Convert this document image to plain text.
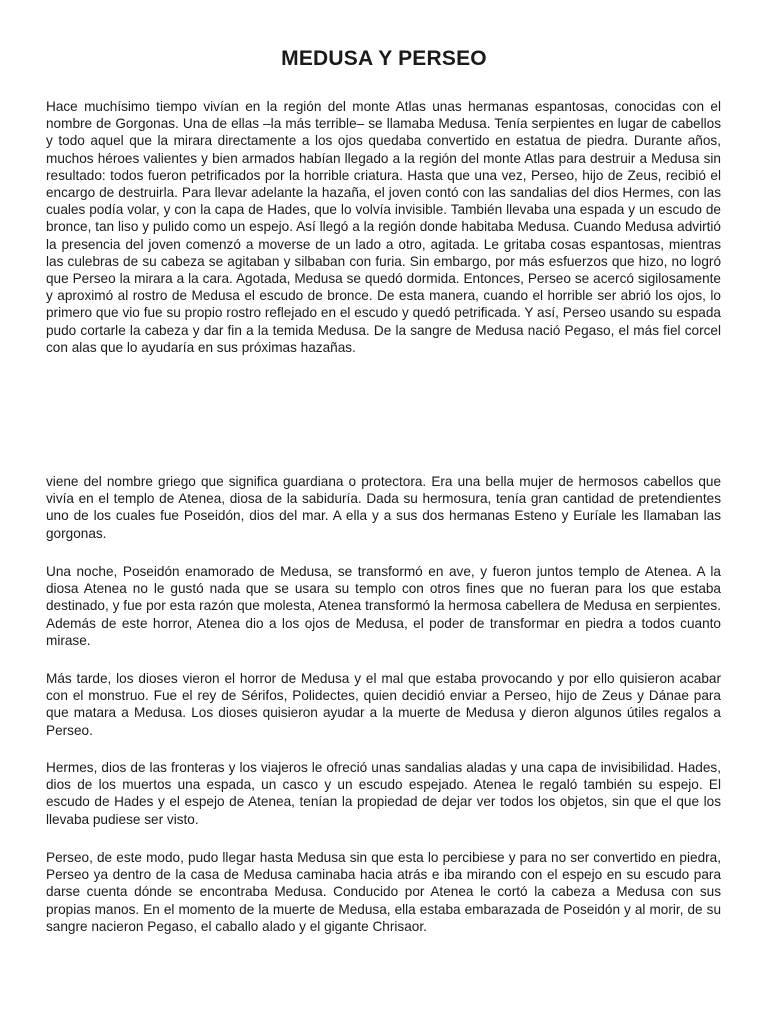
MEDUSA Y PERSEO

Hace muchísimo tiempo vivían en la región del monte Atlas unas hermanas espantosas, conocidas con el nombre de Gorgonas. Una de ellas –la más terrible– se llamaba Medusa. Tenía serpientes en lugar de cabellos y todo aquel que la mirara directamente a los ojos quedaba convertido en estatua de piedra. Durante años, muchos héroes valientes y bien armados habían llegado a la región del monte Atlas para destruir a Medusa sin resultado: todos fueron petrificados por la horrible criatura. Hasta que una vez, Perseo, hijo de Zeus, recibió el encargo de destruirla. Para llevar adelante la hazaña, el joven contó con las sandalias del dios Hermes, con las cuales podía volar, y con la capa de Hades, que lo volvía invisible. También llevaba una espada y un escudo de bronce, tan liso y pulido como un espejo. Así llegó a la región donde habitaba Medusa. Cuando Medusa advirtió la presencia del joven comenzó a moverse de un lado a otro, agitada. Le gritaba cosas espantosas, mientras las culebras de su cabeza se agitaban y silbaban con furia. Sin embargo, por más esfuerzos que hizo, no logró que Perseo la mirara a la cara. Agotada, Medusa se quedó dormida. Entonces, Perseo se acercó sigilosamente y aproximó al rostro de Medusa el escudo de bronce. De esta manera, cuando el horrible ser abrió los ojos, lo primero que vio fue su propio rostro reflejado en el escudo y quedó petrificada. Y así, Perseo usando su espada pudo cortarle la cabeza y dar fin a la temida Medusa. De la sangre de Medusa nació Pegaso, el más fiel corcel con alas que lo ayudaría en sus próximas hazañas.

viene del nombre griego que significa guardiana o protectora. Era una bella mujer de hermosos cabellos que vivía en el templo de Atenea, diosa de la sabiduría. Dada su hermosura, tenía gran cantidad de pretendientes uno de los cuales fue Poseidón, dios del mar. A ella y a sus dos hermanas Esteno y Euríale les llamaban las gorgonas.

Una noche, Poseidón enamorado de Medusa, se transformó en ave, y fueron juntos templo de Atenea. A la diosa Atenea no le gustó nada que se usara su templo con otros fines que no fueran para los que estaba destinado, y fue por esta razón que molesta, Atenea transformó la hermosa cabellera de Medusa en serpientes. Además de este horror, Atenea dio a los ojos de Medusa, el poder de transformar en piedra a todos cuanto mirase.

Más tarde, los dioses vieron el horror de Medusa y el mal que estaba provocando y por ello quisieron acabar con el monstruo. Fue el rey de Sérifos, Polidectes, quien decidió enviar a Perseo, hijo de Zeus y Dánae para que matara a Medusa. Los dioses quisieron ayudar a la muerte de Medusa y dieron algunos útiles regalos a Perseo.

Hermes, dios de las fronteras y los viajeros le ofreció unas sandalias aladas y una capa de invisibilidad. Hades, dios de los muertos una espada, un casco y un escudo espejado. Atenea le regaló también su espejo. El escudo de Hades y el espejo de Atenea, tenían la propiedad de dejar ver todos los objetos, sin que el que los llevaba pudiese ser visto.

Perseo, de este modo, pudo llegar hasta Medusa sin que esta lo percibiese y para no ser convertido en piedra, Perseo ya dentro de la casa de Medusa caminaba hacia atrás e iba mirando con el espejo en su escudo para darse cuenta dónde se encontraba Medusa. Conducido por Atenea le cortó la cabeza a Medusa con sus propias manos. En el momento de la muerte de Medusa, ella estaba embarazada de Poseidón y al morir, de su sangre nacieron Pegaso, el caballo alado y el gigante Chrisaor.
